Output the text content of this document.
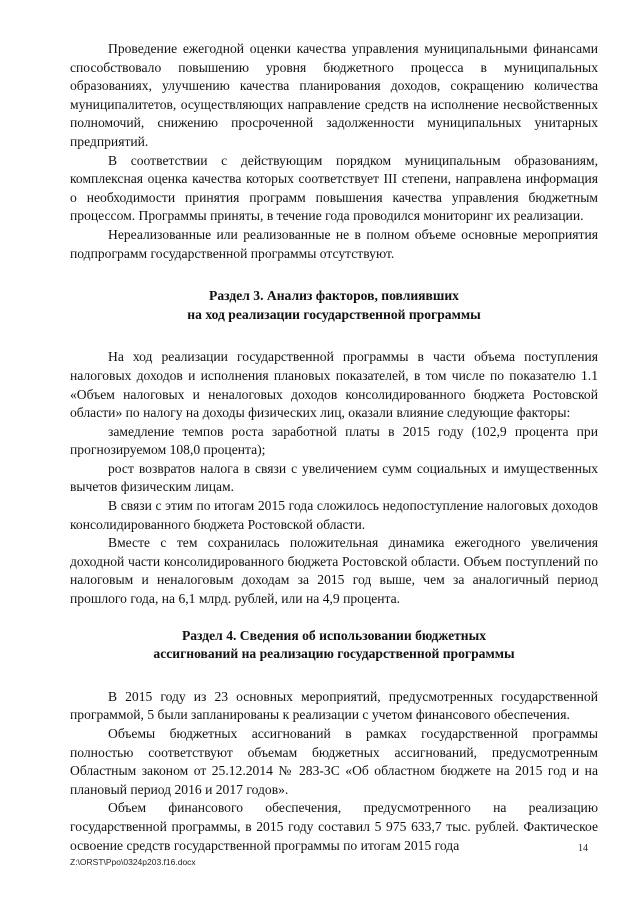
Проведение ежегодной оценки качества управления муниципальными финансами способствовало повышению уровня бюджетного процесса в муниципальных образованиях, улучшению качества планирования доходов, сокращению количества муниципалитетов, осуществляющих направление средств на исполнение несвойственных полномочий, снижению просроченной задолженности муниципальных унитарных предприятий.

В соответствии с действующим порядком муниципальным образованиям, комплексная оценка качества которых соответствует III степени, направлена информация о необходимости принятия программ повышения качества управления бюджетным процессом. Программы приняты, в течение года проводился мониторинг их реализации.

Нереализованные или реализованные не в полном объеме основные мероприятия подпрограмм государственной программы отсутствуют.

Раздел 3. Анализ факторов, повлиявших
на ход реализации государственной программы

На ход реализации государственной программы в части объема поступления налоговых доходов и исполнения плановых показателей, в том числе по показателю 1.1 «Объем налоговых и неналоговых доходов консолидированного бюджета Ростовской области» по налогу на доходы физических лиц, оказали влияние следующие факторы:

замедление темпов роста заработной платы в 2015 году (102,9 процента при прогнозируемом 108,0 процента);

рост возвратов налога в связи с увеличением сумм социальных и имущественных вычетов физическим лицам.

В связи с этим по итогам 2015 года сложилось недопоступление налоговых доходов консолидированного бюджета Ростовской области.

Вместе с тем сохранилась положительная динамика ежегодного увеличения доходной части консолидированного бюджета Ростовской области. Объем поступлений по налоговым и неналоговым доходам за 2015 год выше, чем за аналогичный период прошлого года, на 6,1 млрд. рублей, или на 4,9 процента.

Раздел 4. Сведения об использовании бюджетных
ассигнований на реализацию государственной программы

В 2015 году из 23 основных мероприятий, предусмотренных государственной программой, 5 были запланированы к реализации с учетом финансового обеспечения.

Объемы бюджетных ассигнований в рамках государственной программы полностью соответствуют объемам бюджетных ассигнований, предусмотренным Областным законом от 25.12.2014 № 283-ЗС «Об областном бюджете на 2015 год и на плановый период 2016 и 2017 годов».

Объем финансового обеспечения, предусмотренного на реализацию государственной программы, в 2015 году составил 5 975 633,7 тыс. рублей. Фактическое освоение средств государственной программы по итогам 2015 года	14
Z:\ORST\Ppo\0324p203.f16.docx
